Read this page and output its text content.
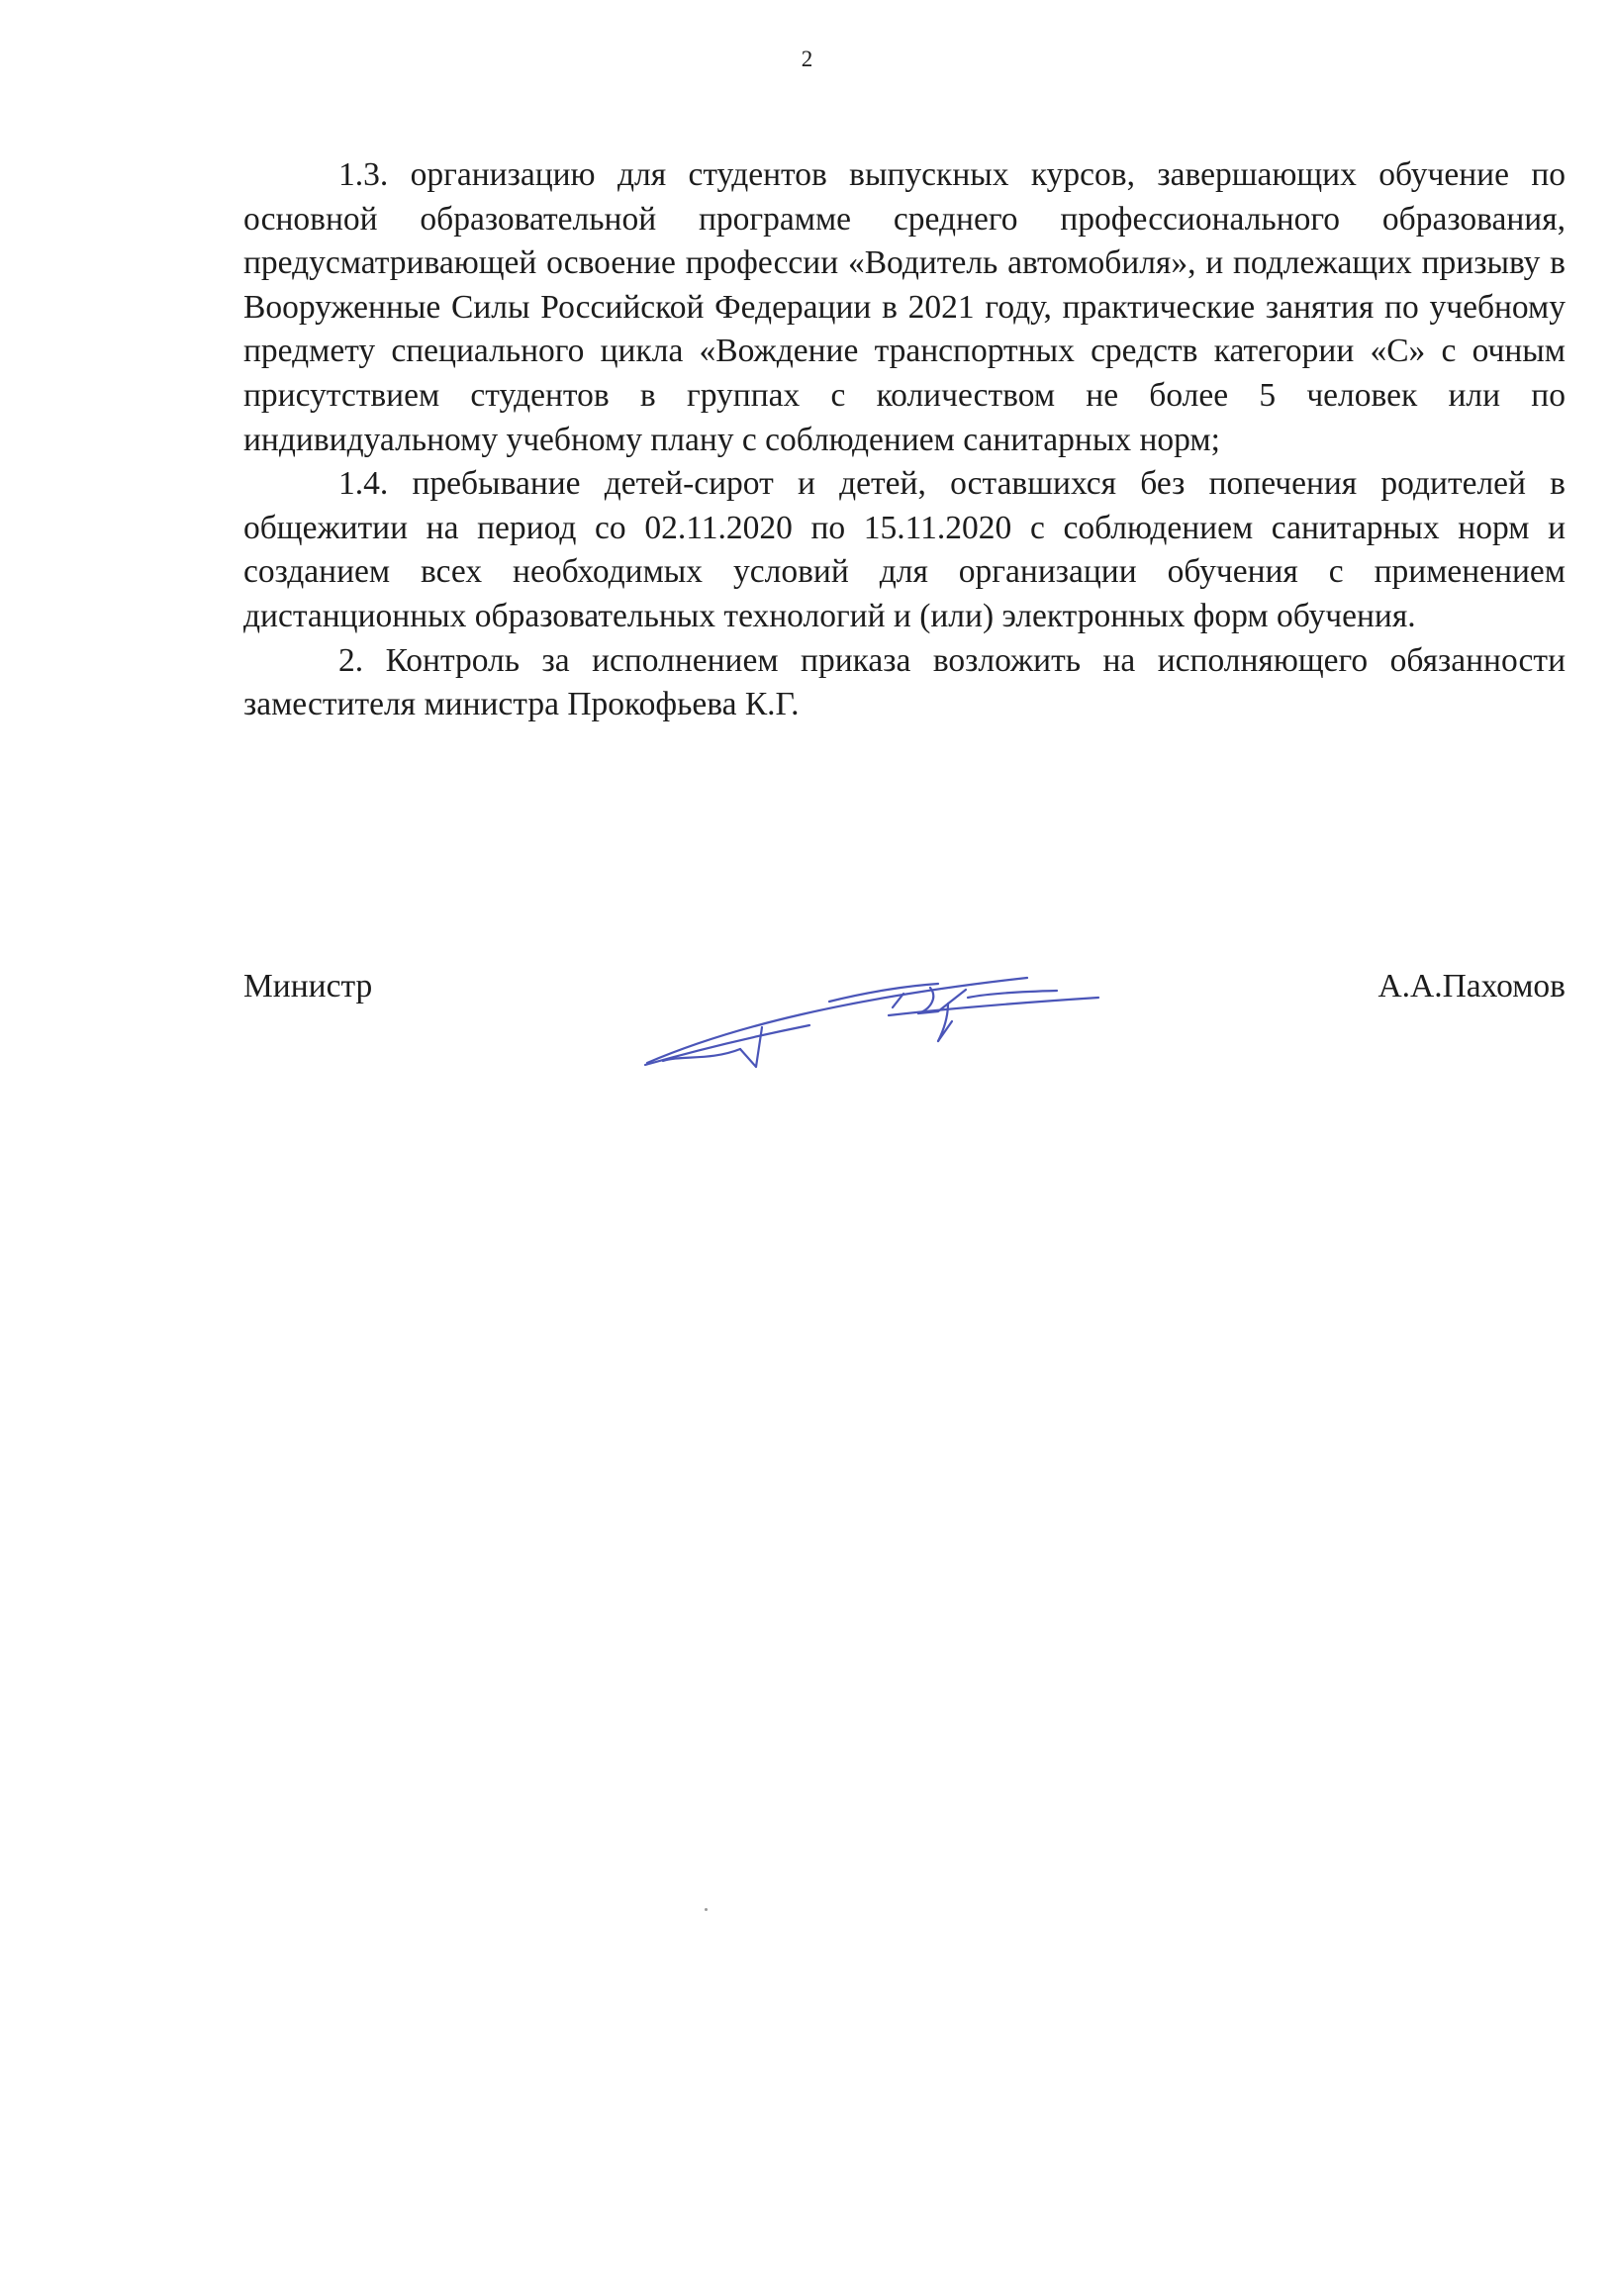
2

1.3. организацию для студентов выпускных курсов, завершающих обучение по основной образовательной программе среднего профессионального образования, предусматривающей освоение профессии «Водитель автомобиля», и подлежащих призыву в Вооруженные Силы Российской Федерации в 2021 году, практические занятия по учебному предмету специального цикла «Вождение транспортных средств категории «С» с очным присутствием студентов в группах с количеством не более 5 человек или по индивидуальному учебному плану с соблюдением санитарных норм;

1.4. пребывание детей-сирот и детей, оставшихся без попечения родителей в общежитии на период со 02.11.2020 по 15.11.2020 с соблюдением санитарных норм и созданием всех необходимых условий для организации обучения с применением дистанционных образовательных технологий и (или) электронных форм обучения.

2. Контроль за исполнением приказа возложить на исполняющего обязанности заместителя министра Прокофьева К.Г.

Министр	А.А.Пахомов
